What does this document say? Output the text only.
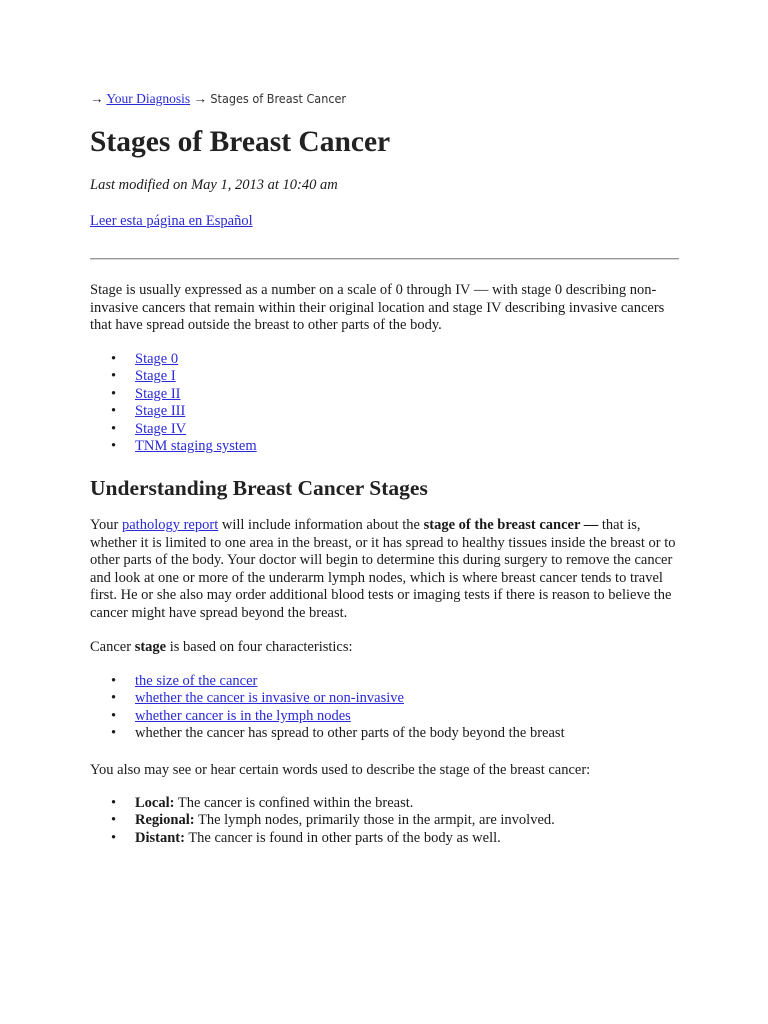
→ Your Diagnosis → Stages of Breast Cancer
Stages of Breast Cancer
Last modified on May 1, 2013 at 10:40 am
Leer esta página en Español

Stage is usually expressed as a number on a scale of 0 through IV — with stage 0 describing non-invasive cancers that remain within their original location and stage IV describing invasive cancers that have spread outside the breast to other parts of the body.

• Stage 0
• Stage I
• Stage II
• Stage III
• Stage IV
• TNM staging system
Understanding Breast Cancer Stages

Your pathology report will include information about the stage of the breast cancer — that is, whether it is limited to one area in the breast, or it has spread to healthy tissues inside the breast or to other parts of the body. Your doctor will begin to determine this during surgery to remove the cancer and look at one or more of the underarm lymph nodes, which is where breast cancer tends to travel first. He or she also may order additional blood tests or imaging tests if there is reason to believe the cancer might have spread beyond the breast.

Cancer stage is based on four characteristics:

• the size of the cancer
• whether the cancer is invasive or non-invasive
• whether cancer is in the lymph nodes
• whether the cancer has spread to other parts of the body beyond the breast

You also may see or hear certain words used to describe the stage of the breast cancer:

• Local: The cancer is confined within the breast.
• Regional: The lymph nodes, primarily those in the armpit, are involved.
• Distant: The cancer is found in other parts of the body as well.
